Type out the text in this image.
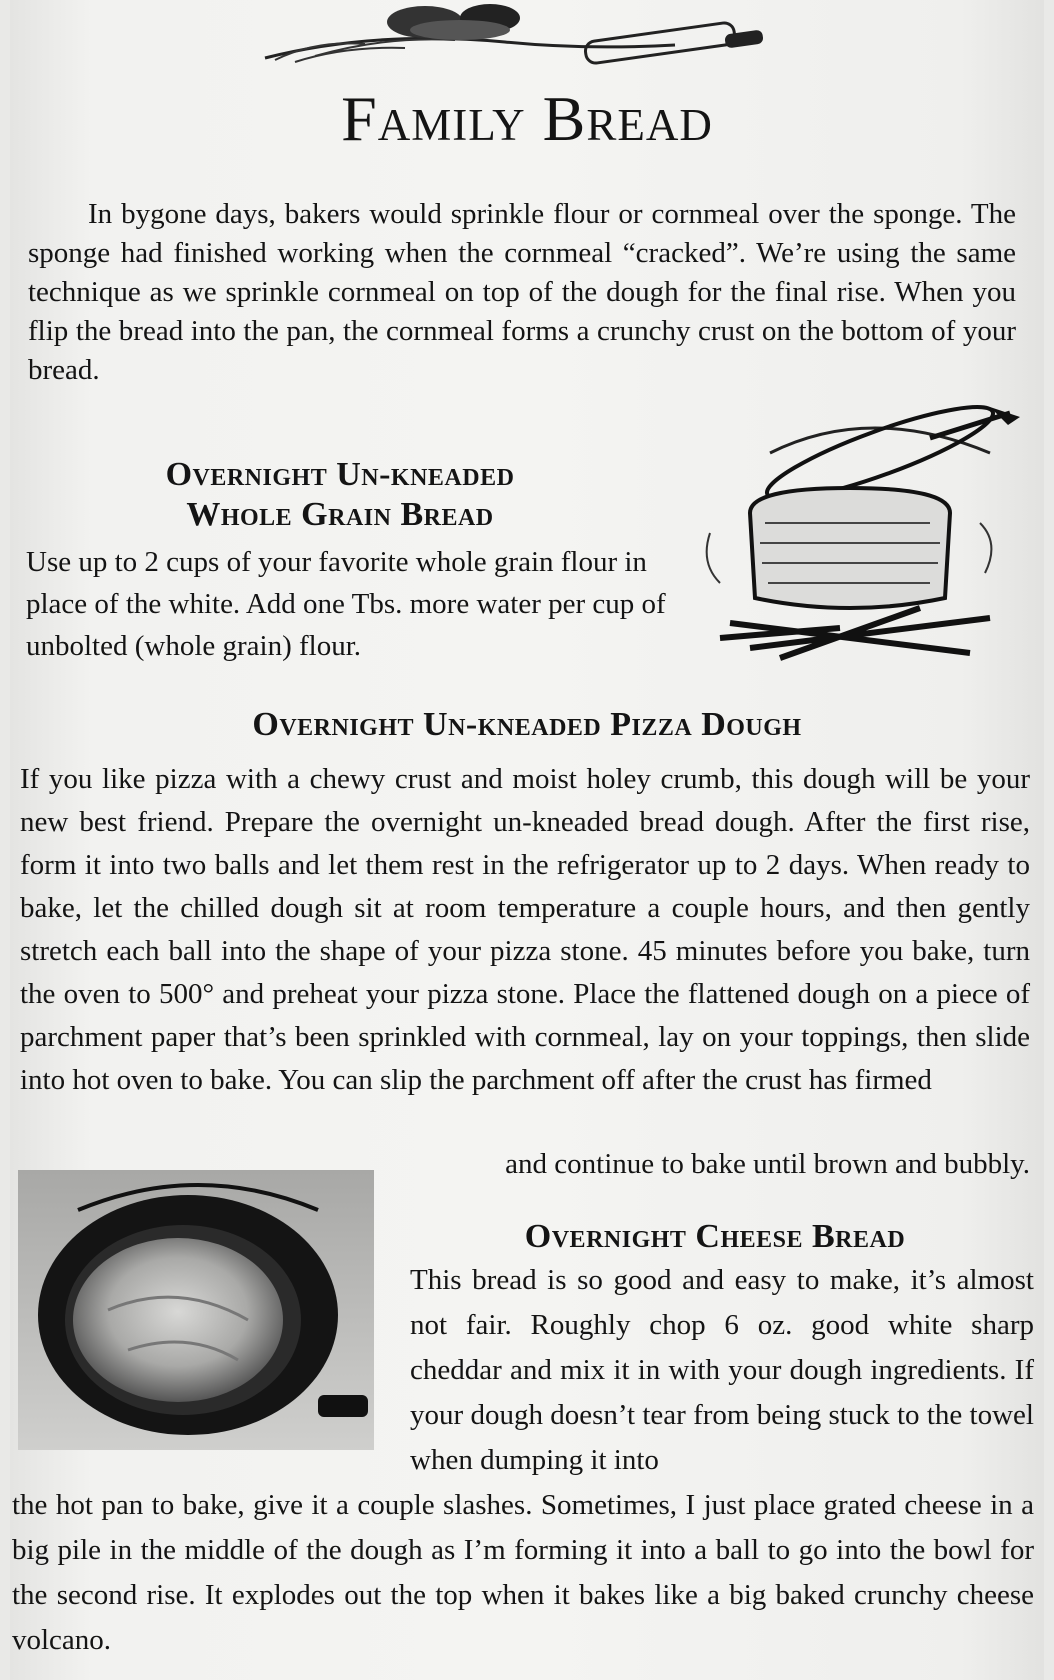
Family Bread

In bygone days, bakers would sprinkle flour or cornmeal over the sponge. The sponge had finished working when the cornmeal “cracked”. We’re using the same technique as we sprinkle cornmeal on top of the dough for the final rise. When you flip the bread into the pan, the cornmeal forms a crunchy crust on the bottom of your bread.

Overnight Un-kneaded
Whole Grain Bread

Use up to 2 cups of your favorite whole grain flour in place of the white. Add one Tbs. more water per cup of unbolted (whole grain) flour.

Overnight Un-kneaded Pizza Dough

If you like pizza with a chewy crust and moist holey crumb, this dough will be your new best friend. Prepare the overnight un-kneaded bread dough. After the first rise, form it into two balls and let them rest in the refrigerator up to 2 days. When ready to bake, let the chilled dough sit at room temperature a couple hours, and then gently stretch each ball into the shape of your pizza stone. 45 minutes before you bake, turn the oven to 500° and preheat your pizza stone. Place the flattened dough on a piece of parchment paper that’s been sprinkled with cornmeal, lay on your toppings, then slide into hot oven to bake. You can slip the parchment off after the crust has firmed

and continue to bake until brown and bubbly.

Overnight Cheese Bread

This bread is so good and easy to make, it’s almost not fair. Roughly chop 6 oz. good white sharp cheddar and mix it in with your dough ingredients. If your dough doesn’t tear from being stuck to the towel when dumping it into

the hot pan to bake, give it a couple slashes. Sometimes, I just place grated cheese in a big pile in the middle of the dough as I’m forming it into a ball to go into the bowl for the second rise. It explodes out the top when it bakes like a big baked crunchy cheese volcano.
